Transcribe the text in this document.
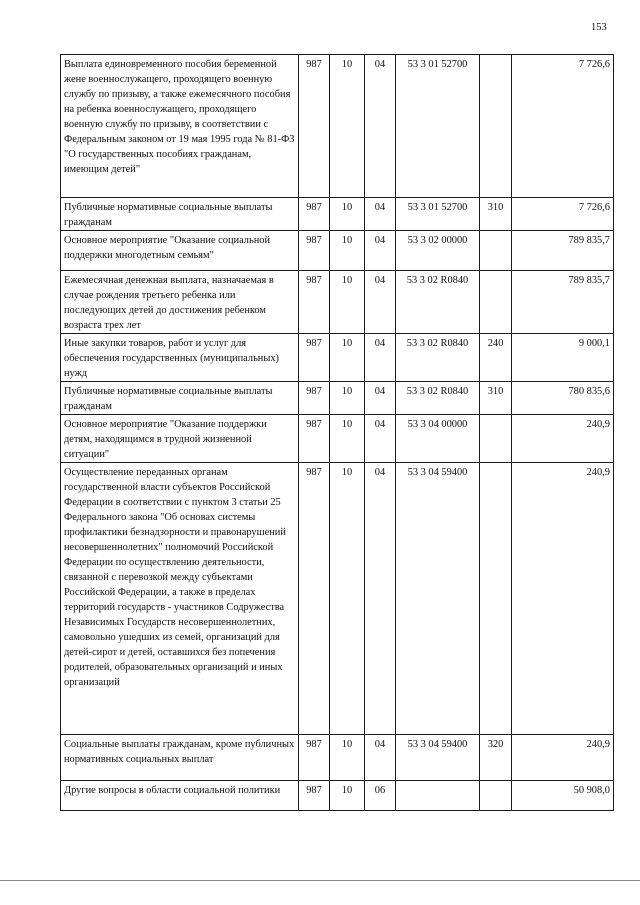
153
Выплата единовременного пособия беременной жене военнослужащего, проходящего военную службу по призыву, а также ежемесячного пособия на ребенка военнослужащего, проходящего военную службу по призыву, в соответствии с Федеральным законом от 19 мая 1995 года № 81-ФЗ "О государственных пособиях гражданам, имеющим детей"	987	10	04	53 3 01 52700		7 726,6
Публичные нормативные социальные выплаты гражданам	987	10	04	53 3 01 52700	310	7 726,6
Основное мероприятие "Оказание социальной поддержки многодетным семьям"	987	10	04	53 3 02 00000		789 835,7
Ежемесячная денежная выплата, назначаемая в случае рождения третьего ребенка или последующих детей до достижения ребенком возраста трех лет	987	10	04	53 3 02 R0840		789 835,7
Иные закупки товаров, работ и услуг для обеспечения государственных (муниципальных) нужд	987	10	04	53 3 02 R0840	240	9 000,1
Публичные нормативные социальные выплаты гражданам	987	10	04	53 3 02 R0840	310	780 835,6
Основное мероприятие "Оказание поддержки детям, находящимся в трудной жизненной ситуации"	987	10	04	53 3 04 00000		240,9
Осуществление переданных органам государственной власти субъектов Российской Федерации в соответствии с пунктом 3 статьи 25 Федерального закона "Об основах системы профилактики безнадзорности и правонарушений несовершеннолетних" полномочий Российской Федерации по осуществлению деятельности, связанной с перевозкой между субъектами Российской Федерации, а также в пределах территорий государств - участников Содружества Независимых Государств несовершеннолетних, самовольно ушедших из семей, организаций для детей-сирот и детей, оставшихся без попечения родителей, образовательных организаций и иных организаций	987	10	04	53 3 04 59400		240,9
Социальные выплаты гражданам, кроме публичных нормативных социальных выплат	987	10	04	53 3 04 59400	320	240,9
Другие вопросы в области социальной политики	987	10	06			50 908,0
